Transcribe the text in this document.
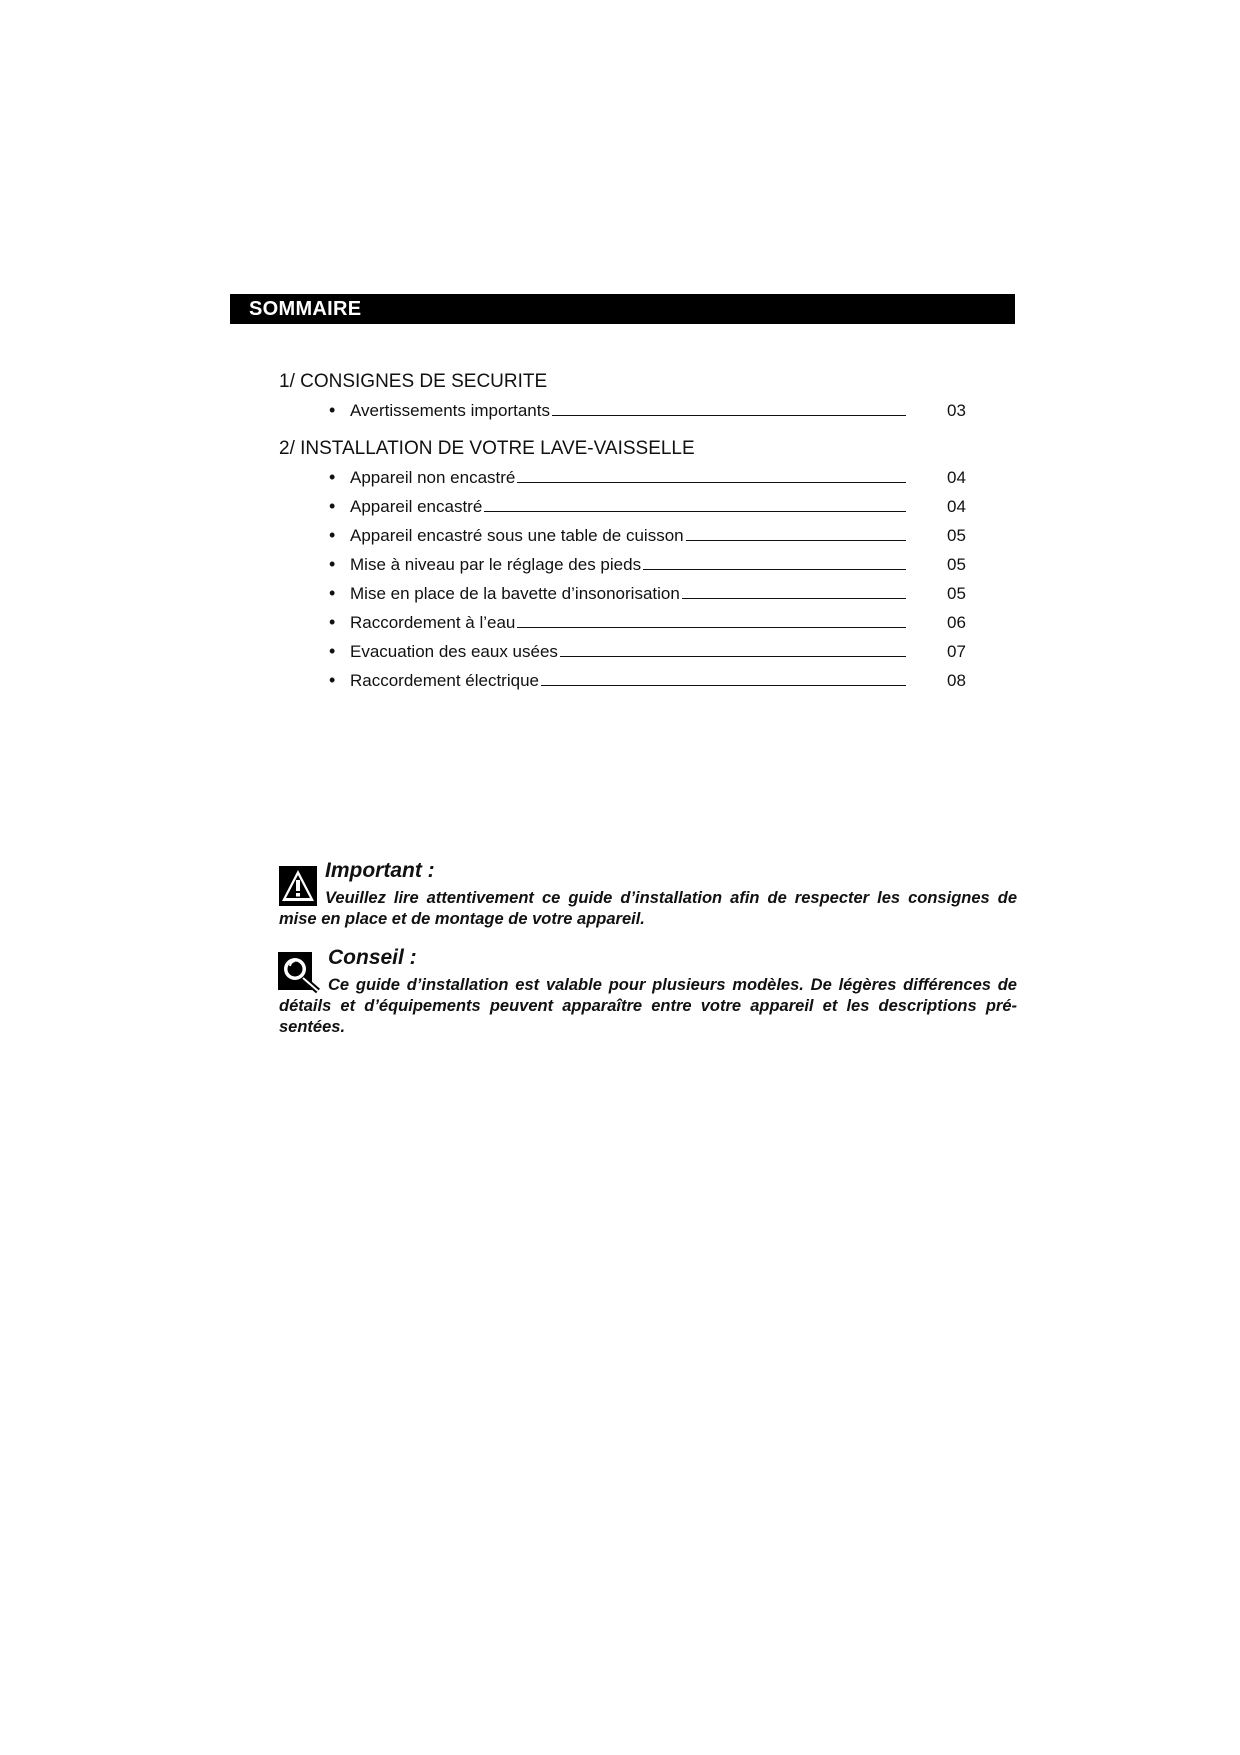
SOMMAIRE
1/ CONSIGNES DE SECURITE
• Avertissements importants	03
2/ INSTALLATION DE VOTRE LAVE-VAISSELLE
• Appareil non encastré	04
• Appareil encastré	04
• Appareil encastré sous une table de cuisson	05
• Mise à niveau par le réglage des pieds	05
• Mise en place de la bavette d’insonorisation	05
• Raccordement à l’eau	06
• Evacuation des eaux usées	07
• Raccordement électrique	08
Important :
Veuillez lire attentivement ce guide d’installation afin de respecter les consignes de mise en place et de montage de votre appareil.
Conseil :
Ce guide d’installation est valable pour plusieurs modèles. De légères différences de détails et d’équipements peuvent apparaître entre votre appareil et les descriptions pré-sentées.
